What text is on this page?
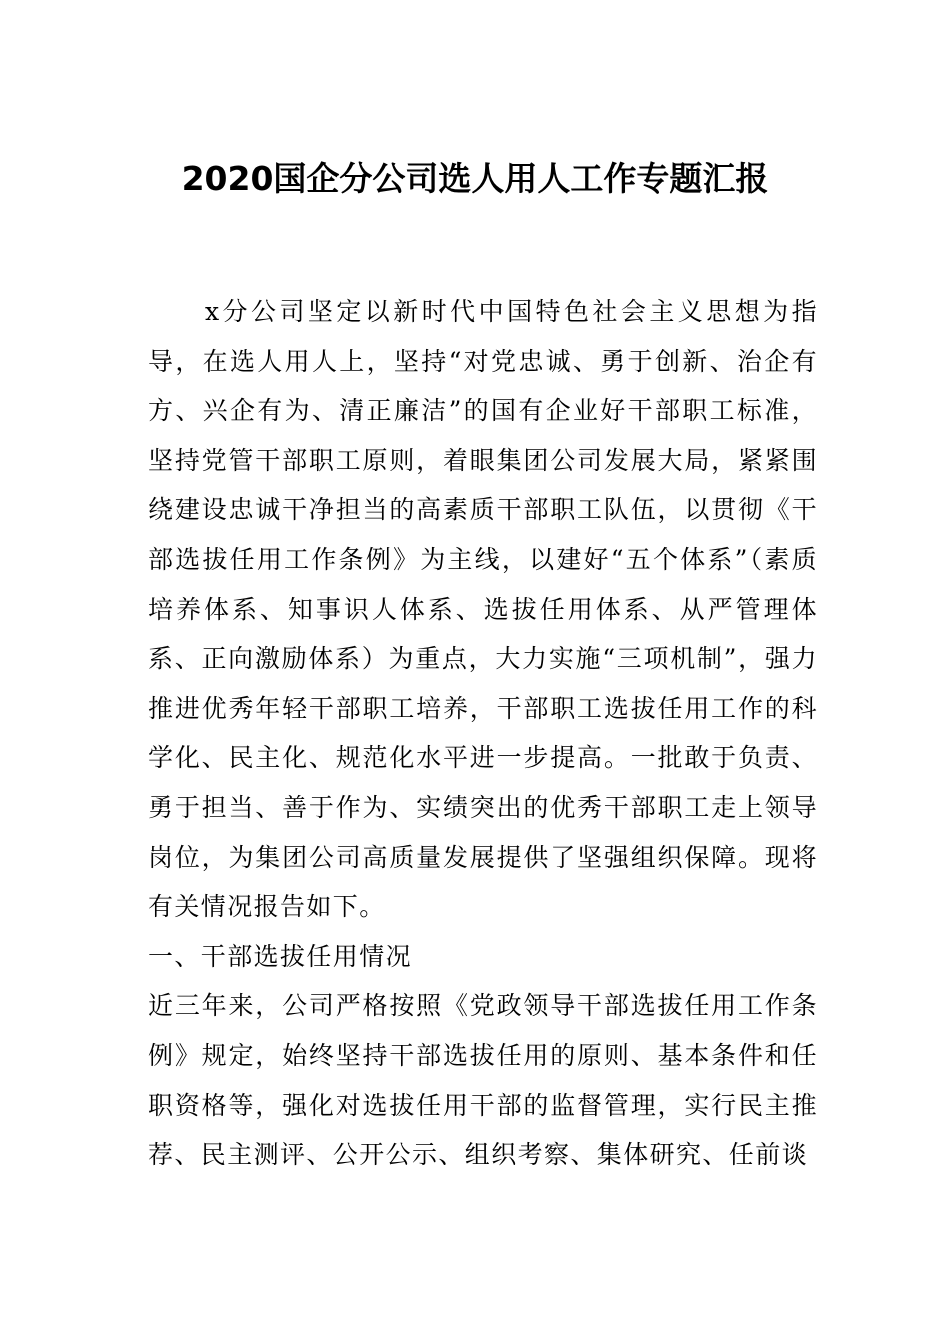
2020国企分公司选人用人工作专题汇报

x分公司坚定以新时代中国特色社会主义思想为指导，在选人用人上，坚持“对党忠诚、勇于创新、治企有方、兴企有为、清正廉洁”的国有企业好干部职工标准，坚持党管干部职工原则，着眼集团公司发展大局，紧紧围绕建设忠诚干净担当的高素质干部职工队伍，以贯彻《干部选拔任用工作条例》为主线，以建好“五个体系”（素质培养体系、知事识人体系、选拔任用体系、从严管理体系、正向激励体系）为重点，大力实施“三项机制”，强力推进优秀年轻干部职工培养，干部职工选拔任用工作的科学化、民主化、规范化水平进一步提高。一批敢于负责、勇于担当、善于作为、实绩突出的优秀干部职工走上领导岗位，为集团公司高质量发展提供了坚强组织保障。现将有关情况报告如下。

一、干部选拔任用情况

近三年来，公司严格按照《党政领导干部选拔任用工作条例》规定，始终坚持干部选拔任用的原则、基本条件和任职资格等，强化对选拔任用干部的监督管理，实行民主推荐、民主测评、公开公示、组织考察、集体研究、任前谈
